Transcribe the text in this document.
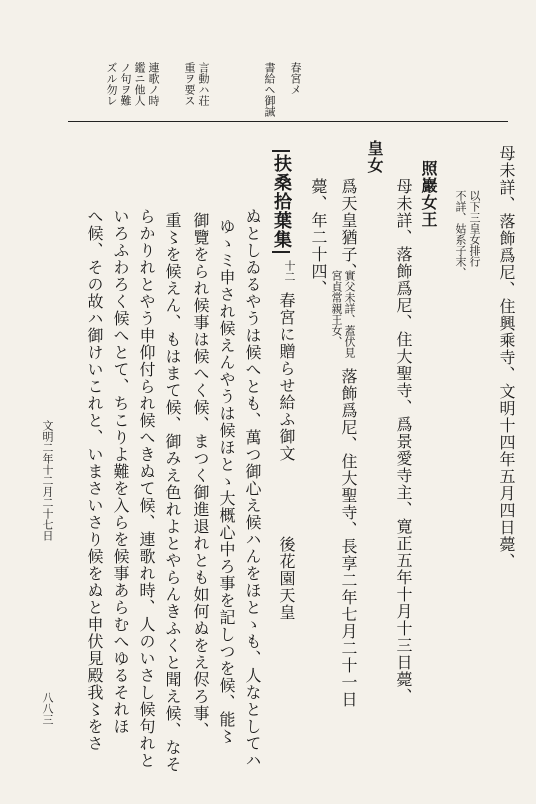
春宮メ
書給ヘ御誡
言動ハ荘
重ヲ要ス
連歌ノ時
鑑ニ他人
ノ句ヲ難
ズル勿レ
母未詳、落飾爲尼、住興乘寺、文明十四年五月四日薨、
以下三皇女排行
不詳、姑系子末、
照巖女王
母未詳、落飾爲尼、住大聖寺、爲景愛寺主、寛正五年十月十三日薨、
皇女
爲天皇猶子、
實父未詳、蓋伏見
宮貞常親王女、
落飾爲尼、住大聖寺、長享二年七月二十一日
薨、年二十四、
扶桑拾葉集
十二
春宮に贈らせ給ふ御文
後花園天皇
ぬとしゐるやうは候へとも、萬つ御心え候ハんをほとゝも、人なとしてハ
ゆゝミ申され候えんやうは候ほとゝ大概心中ろ事を記しつを候、能〻
御覽をられ候事は候へく候、まつく御進退れとも如何ぬをえ侭ろ事、
重〻を候えん、もはまて候、御みえ色れよとやらんきふくと聞え候、なそ
らかりれとやう申仰付られ候へきぬて候、連歌れ時、人のいさし候句れと
いろふわろく候へとて、ちこりよ難を入らを候事あらむへゆるそれほ
へ候、その故ハ御けいこれと、いまさいさり候をぬと申伏見殿我〻をさ
文明二年十二月二十七日
八八三
